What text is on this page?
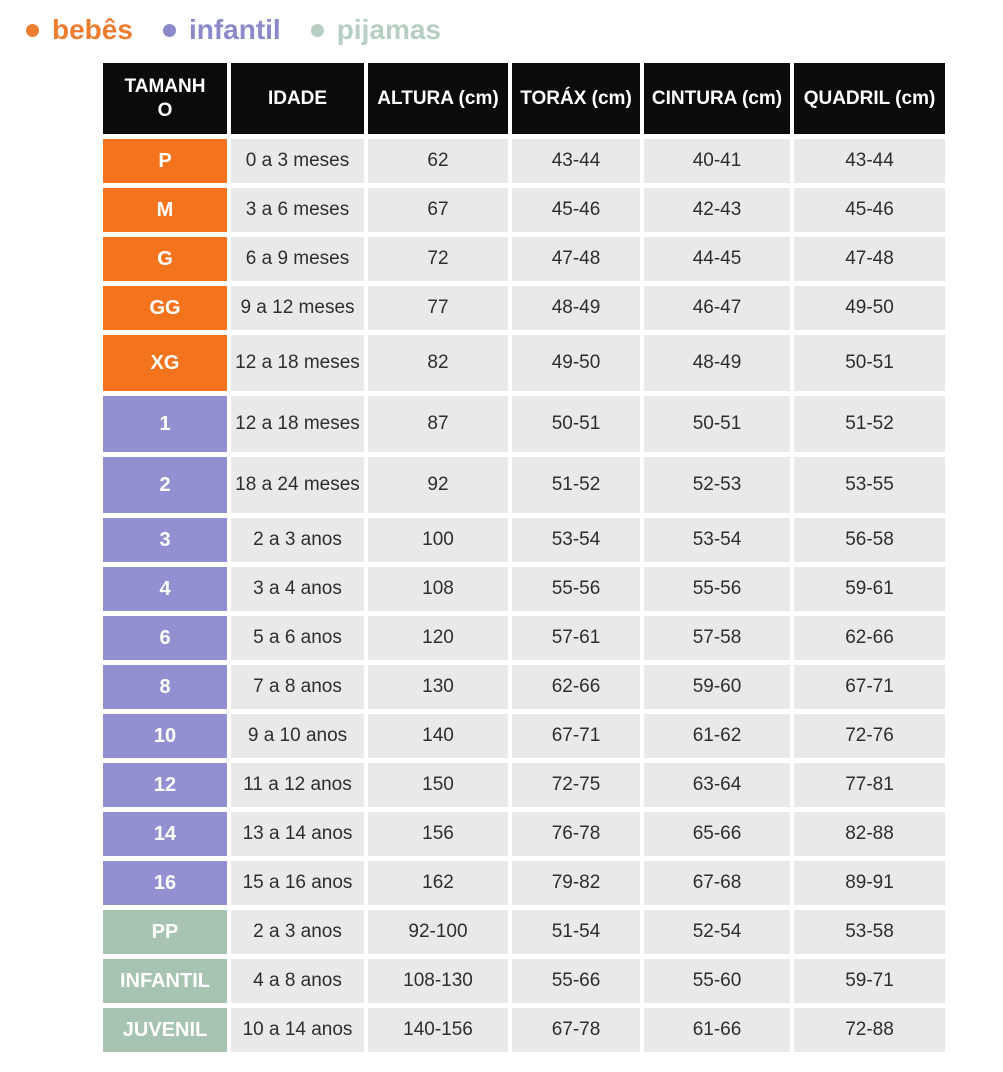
bebês infantil pijamas
TAMANHO	IDADE	ALTURA (cm)	TORÁX (cm)	CINTURA (cm)	QUADRIL (cm)
P	0 a 3 meses	62	43-44	40-41	43-44
M	3 a 6 meses	67	45-46	42-43	45-46
G	6 a 9 meses	72	47-48	44-45	47-48
GG	9 a 12 meses	77	48-49	46-47	49-50
XG	12 a 18 meses	82	49-50	48-49	50-51
1	12 a 18 meses	87	50-51	50-51	51-52
2	18 a 24 meses	92	51-52	52-53	53-55
3	2 a 3 anos	100	53-54	53-54	56-58
4	3 a 4 anos	108	55-56	55-56	59-61
6	5 a 6 anos	120	57-61	57-58	62-66
8	7 a 8 anos	130	62-66	59-60	67-71
10	9 a 10 anos	140	67-71	61-62	72-76
12	11 a 12 anos	150	72-75	63-64	77-81
14	13 a 14 anos	156	76-78	65-66	82-88
16	15 a 16 anos	162	79-82	67-68	89-91
PP	2 a 3 anos	92-100	51-54	52-54	53-58
INFANTIL	4 a 8 anos	108-130	55-66	55-60	59-71
JUVENIL	10 a 14 anos	140-156	67-78	61-66	72-88
